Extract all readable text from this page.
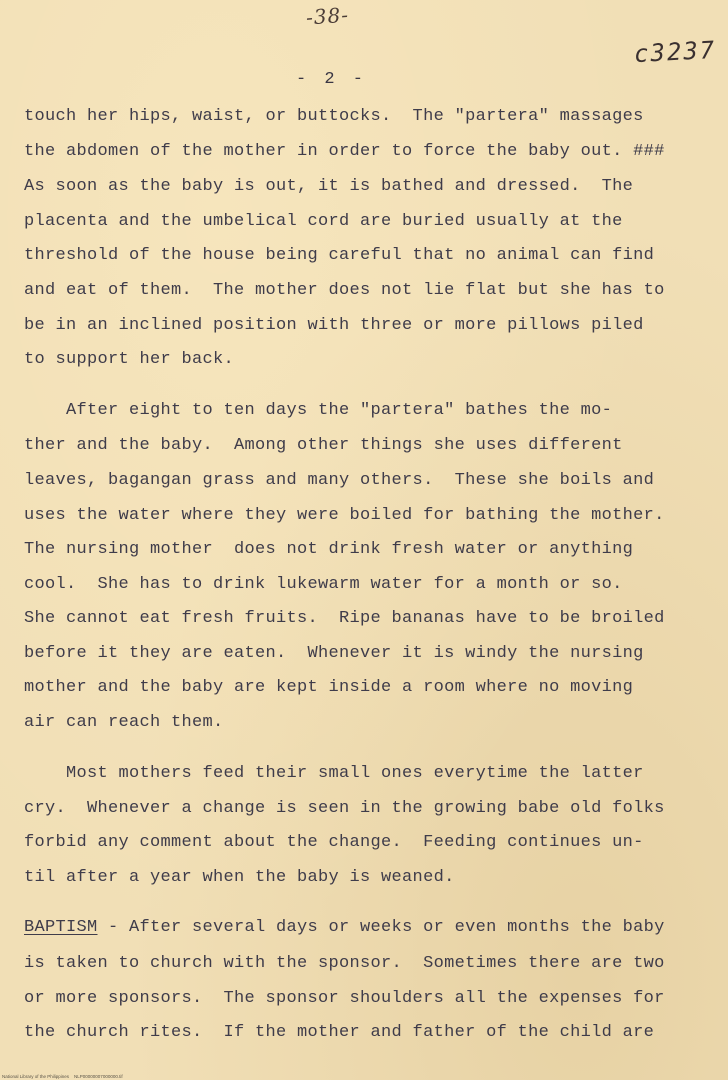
-38-
c3237
- 2 -
touch her hips, waist, or buttocks.  The "partera" massages
the abdomen of the mother in order to force the baby out. ###
As soon as the baby is out, it is bathed and dressed.  The
placenta and the umbelical cord are buried usually at the
threshold of the house being careful that no animal can find
and eat of them.  The mother does not lie flat but she has to
be in an inclined position with three or more pillows piled
to support her back.
After eight to ten days the "partera" bathes the mo-
ther and the baby.  Among other things she uses different
leaves, bagangan grass and many others.  These she boils and
uses the water where they were boiled for bathing the mother.
The nursing mother  does not drink fresh water or anything
cool.  She has to drink lukewarm water for a month or so.
She cannot eat fresh fruits.  Ripe bananas have to be broiled
before it they are eaten.  Whenever it is windy the nursing
mother and the baby are kept inside a room where no moving
air can reach them.
Most mothers feed their small ones everytime the latter
cry.  Whenever a change is seen in the growing babe old folks
forbid any comment about the change.  Feeding continues un-
til after a year when the baby is weaned.
BAPTISM - After several days or weeks or even months the baby
is taken to church with the sponsor.  Sometimes there are two
or more sponsors.  The sponsor shoulders all the expenses for
the church rites.  If the mother and father of the child are
National Library of the Philippines    NLP00000007000000.tif
